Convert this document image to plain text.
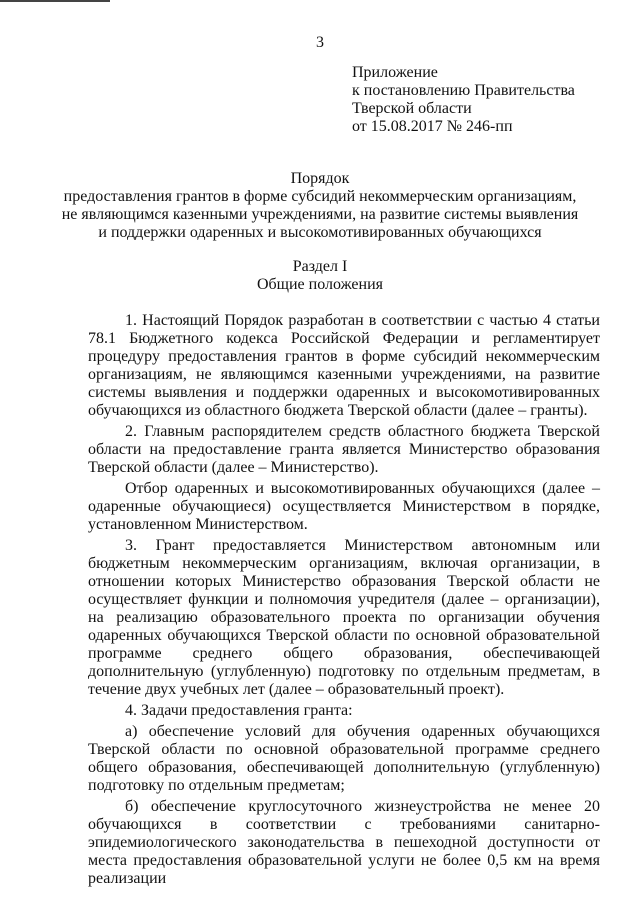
3
Приложение
к постановлению Правительства
Тверской области
от 15.08.2017 № 246-пп
Порядок
предоставления грантов в форме субсидий некоммерческим организациям,
не являющимся казенными учреждениями, на развитие системы выявления
и поддержки одаренных и высокомотивированных обучающихся
Раздел I
Общие положения

1. Настоящий Порядок разработан в соответствии с частью 4 статьи 78.1 Бюджетного кодекса Российской Федерации и регламентирует процедуру предоставления грантов в форме субсидий некоммерческим организациям, не являющимся казенными учреждениями, на развитие системы выявления и поддержки одаренных и высокомотивированных обучающихся из областного бюджета Тверской области (далее – гранты).

2. Главным распорядителем средств областного бюджета Тверской области на предоставление гранта является Министерство образования Тверской области (далее – Министерство).

Отбор одаренных и высокомотивированных обучающихся (далее – одаренные обучающиеся) осуществляется Министерством в порядке, установленном Министерством.

3. Грант предоставляется Министерством автономным или бюджетным некоммерческим организациям, включая организации, в отношении которых Министерство образования Тверской области не осуществляет функции и полномочия учредителя (далее – организации), на реализацию образовательного проекта по организации обучения одаренных обучающихся Тверской области по основной образовательной программе среднего общего образования, обеспечивающей дополнительную (углубленную) подготовку по отдельным предметам, в течение двух учебных лет (далее – образовательный проект).

4. Задачи предоставления гранта:

а) обеспечение условий для обучения одаренных обучающихся Тверской области по основной образовательной программе среднего общего образования, обеспечивающей дополнительную (углубленную) подготовку по отдельным предметам;

б) обеспечение круглосуточного жизнеустройства не менее 20 обучающихся в соответствии с требованиями санитарно-эпидемиологического законодательства в пешеходной доступности от места предоставления образовательной услуги не более 0,5 км на время реализации
